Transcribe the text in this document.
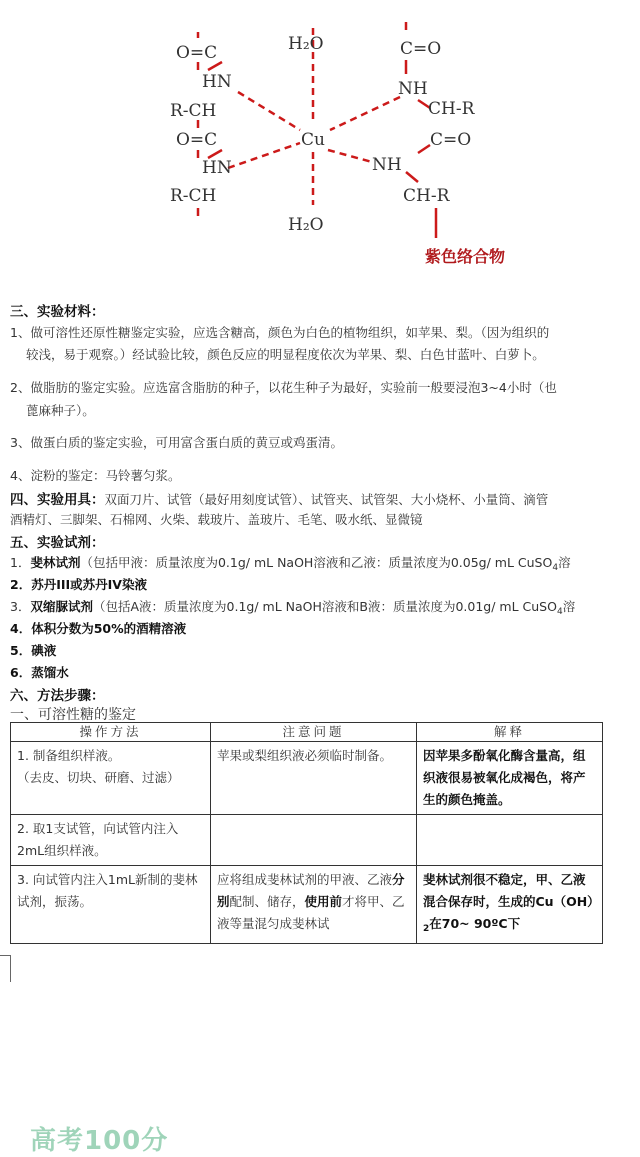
H₂O
Cu
H₂O
O=C
HN
R-CH
O=C
HN
R-CH
C=O
NH
CH-R
C=O
NH
CH-R
紫色络合物
三、实验材料：
1、做可溶性还原性糖鉴定实验，应选含糖高，颜色为白色的植物组织，如苹果、梨。（因为组织的
较浅，易于观察。）经试验比较，颜色反应的明显程度依次为苹果、梨、白色甘蓝叶、白萝卜。
2、做脂肪的鉴定实验。应选富含脂肪的种子，以花生种子为最好，实验前一般要浸泡3~4小时（也
蓖麻种子）。
3、做蛋白质的鉴定实验，可用富含蛋白质的黄豆或鸡蛋清。
4、淀粉的鉴定：马铃薯匀浆。
四、实验用具：双面刀片、试管（最好用刻度试管）、试管夹、试管架、大小烧杯、小量筒、滴管
酒精灯、三脚架、石棉网、火柴、载玻片、盖玻片、毛笔、吸水纸、显微镜
五、实验试剂：
1．斐林试剂（包括甲液：质量浓度为0.1g/ mL NaOH溶液和乙液：质量浓度为0.05g/ mL CuSO$_4$溶
2．苏丹III或苏丹IV染液
3．双缩脲试剂（包括A液：质量浓度为0.1g/ mL NaOH溶液和B液：质量浓度为0.01g/ mL CuSO$_4$溶
4．体积分数为50%的酒精溶液
5．碘液
6．蒸馏水
六、方法步骤：
一、可溶性糖的鉴定
操作方法	注意问题	解释

1. 制备组织样液。
（去皮、切块、研磨、过滤）	苹果或梨组织液必须临时制备。	因苹果多酚氧化酶含量高，组织液很易被氧化成褐色，将产生的颜色掩盖。
2. 取1支试管，向试管内注入2mL组织样液。		
3. 向试管内注入1mL新制的斐林试剂，振荡。	应将组成斐林试剂的甲液、乙液分别配制、储存，使用前才将甲、乙液等量混匀成斐林试	斐林试剂很不稳定，甲、乙液混合保存时，生成的$Cu(OH)_2$在70~ 90ºC下
高考100分
